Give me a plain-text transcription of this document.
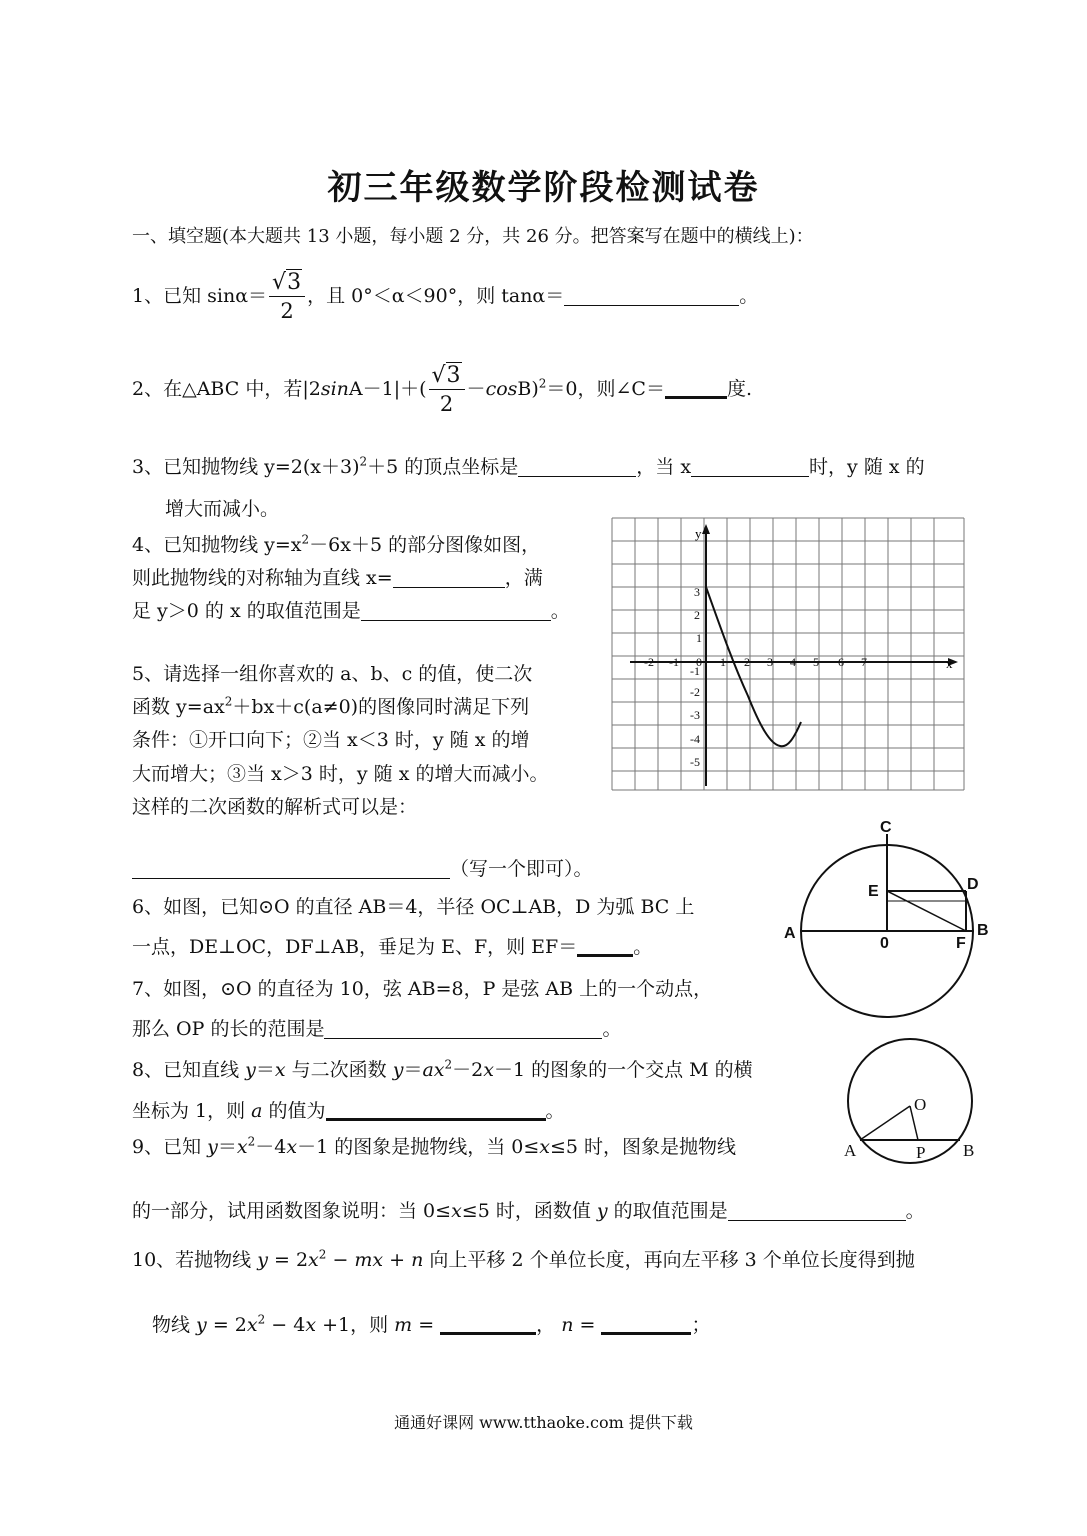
初三年级数学阶段检测试卷
一、填空题(本大题共 13 小题，每小题 2 分，共 26 分。把答案写在题中的横线上)：
1、已知 $\sin\alpha= \frac{√3}{2}$ ，且 0°＜α＜90°，则 tanα＝	。
2、在△ABC 中，若$|2\sin A-1|+( \frac{√3}{2} -\cos B)^2=0$，则∠C＝	度.
3、已知抛物线 $y=2(x+3)^2+5$ 的顶点坐标是	，当 x	时，y 随 x 的
增大而减小。
4、已知抛物线 $y=x^2-6x+5$ 的部分图像如图，
则此抛物线的对称轴为直线 x=	，满
足 y＞0 的 x 的取值范围是	。
5、请选择一组你喜欢的 a、b、c 的值，使二次
函数 $y=ax^2+bx+c(a\ne 0)$的图像同时满足下列
条件：①开口向下；②当 x＜3 时，y 随 x 的增
大而增大；③当 x＞3 时，y 随 x 的增大而减小。
这样的二次函数的解析式可以是：
（写一个即可）。
x
y
-2 -1 0 1 2 3 4 5 6 7
3
2
1
-1
-2
-3
-4
-5
6、如图，已知⊙O 的直径 AB＝4，半径 OC⊥AB，D 为弧 BC 上
一点，DE⊥OC，DF⊥AB，垂足为 E、F，则 EF＝	。
C
E	D
A
0	F
B
7、如图，⊙O 的直径为 10，弦 AB=8，P 是弦 AB 上的一个动点，
那么 OP 的长的范围是	。
8、已知直线 y＝x 与二次函数 $y=ax^2-2x-1$ 的图象的一个交点 M 的横
坐标为 1，则 a 的值为	。	O
A	P B
9、已知 $y=x^2-4x-1$ 的图象是抛物线，当 0≤x≤5 时，图象是抛物线
的一部分，试用函数图象说明：当 0≤x≤5 时，函数值 y 的取值范围是	。
10、若抛物线 $y = 2x^2$ − mx + n 向上平移 2 个单位长度，再向左平移 3 个单位长度得到抛
物线 $y = 2x^2 - 4x +1$，则 m =	， n =	；
通通好课网 www.tthaoke.com 提供下载
